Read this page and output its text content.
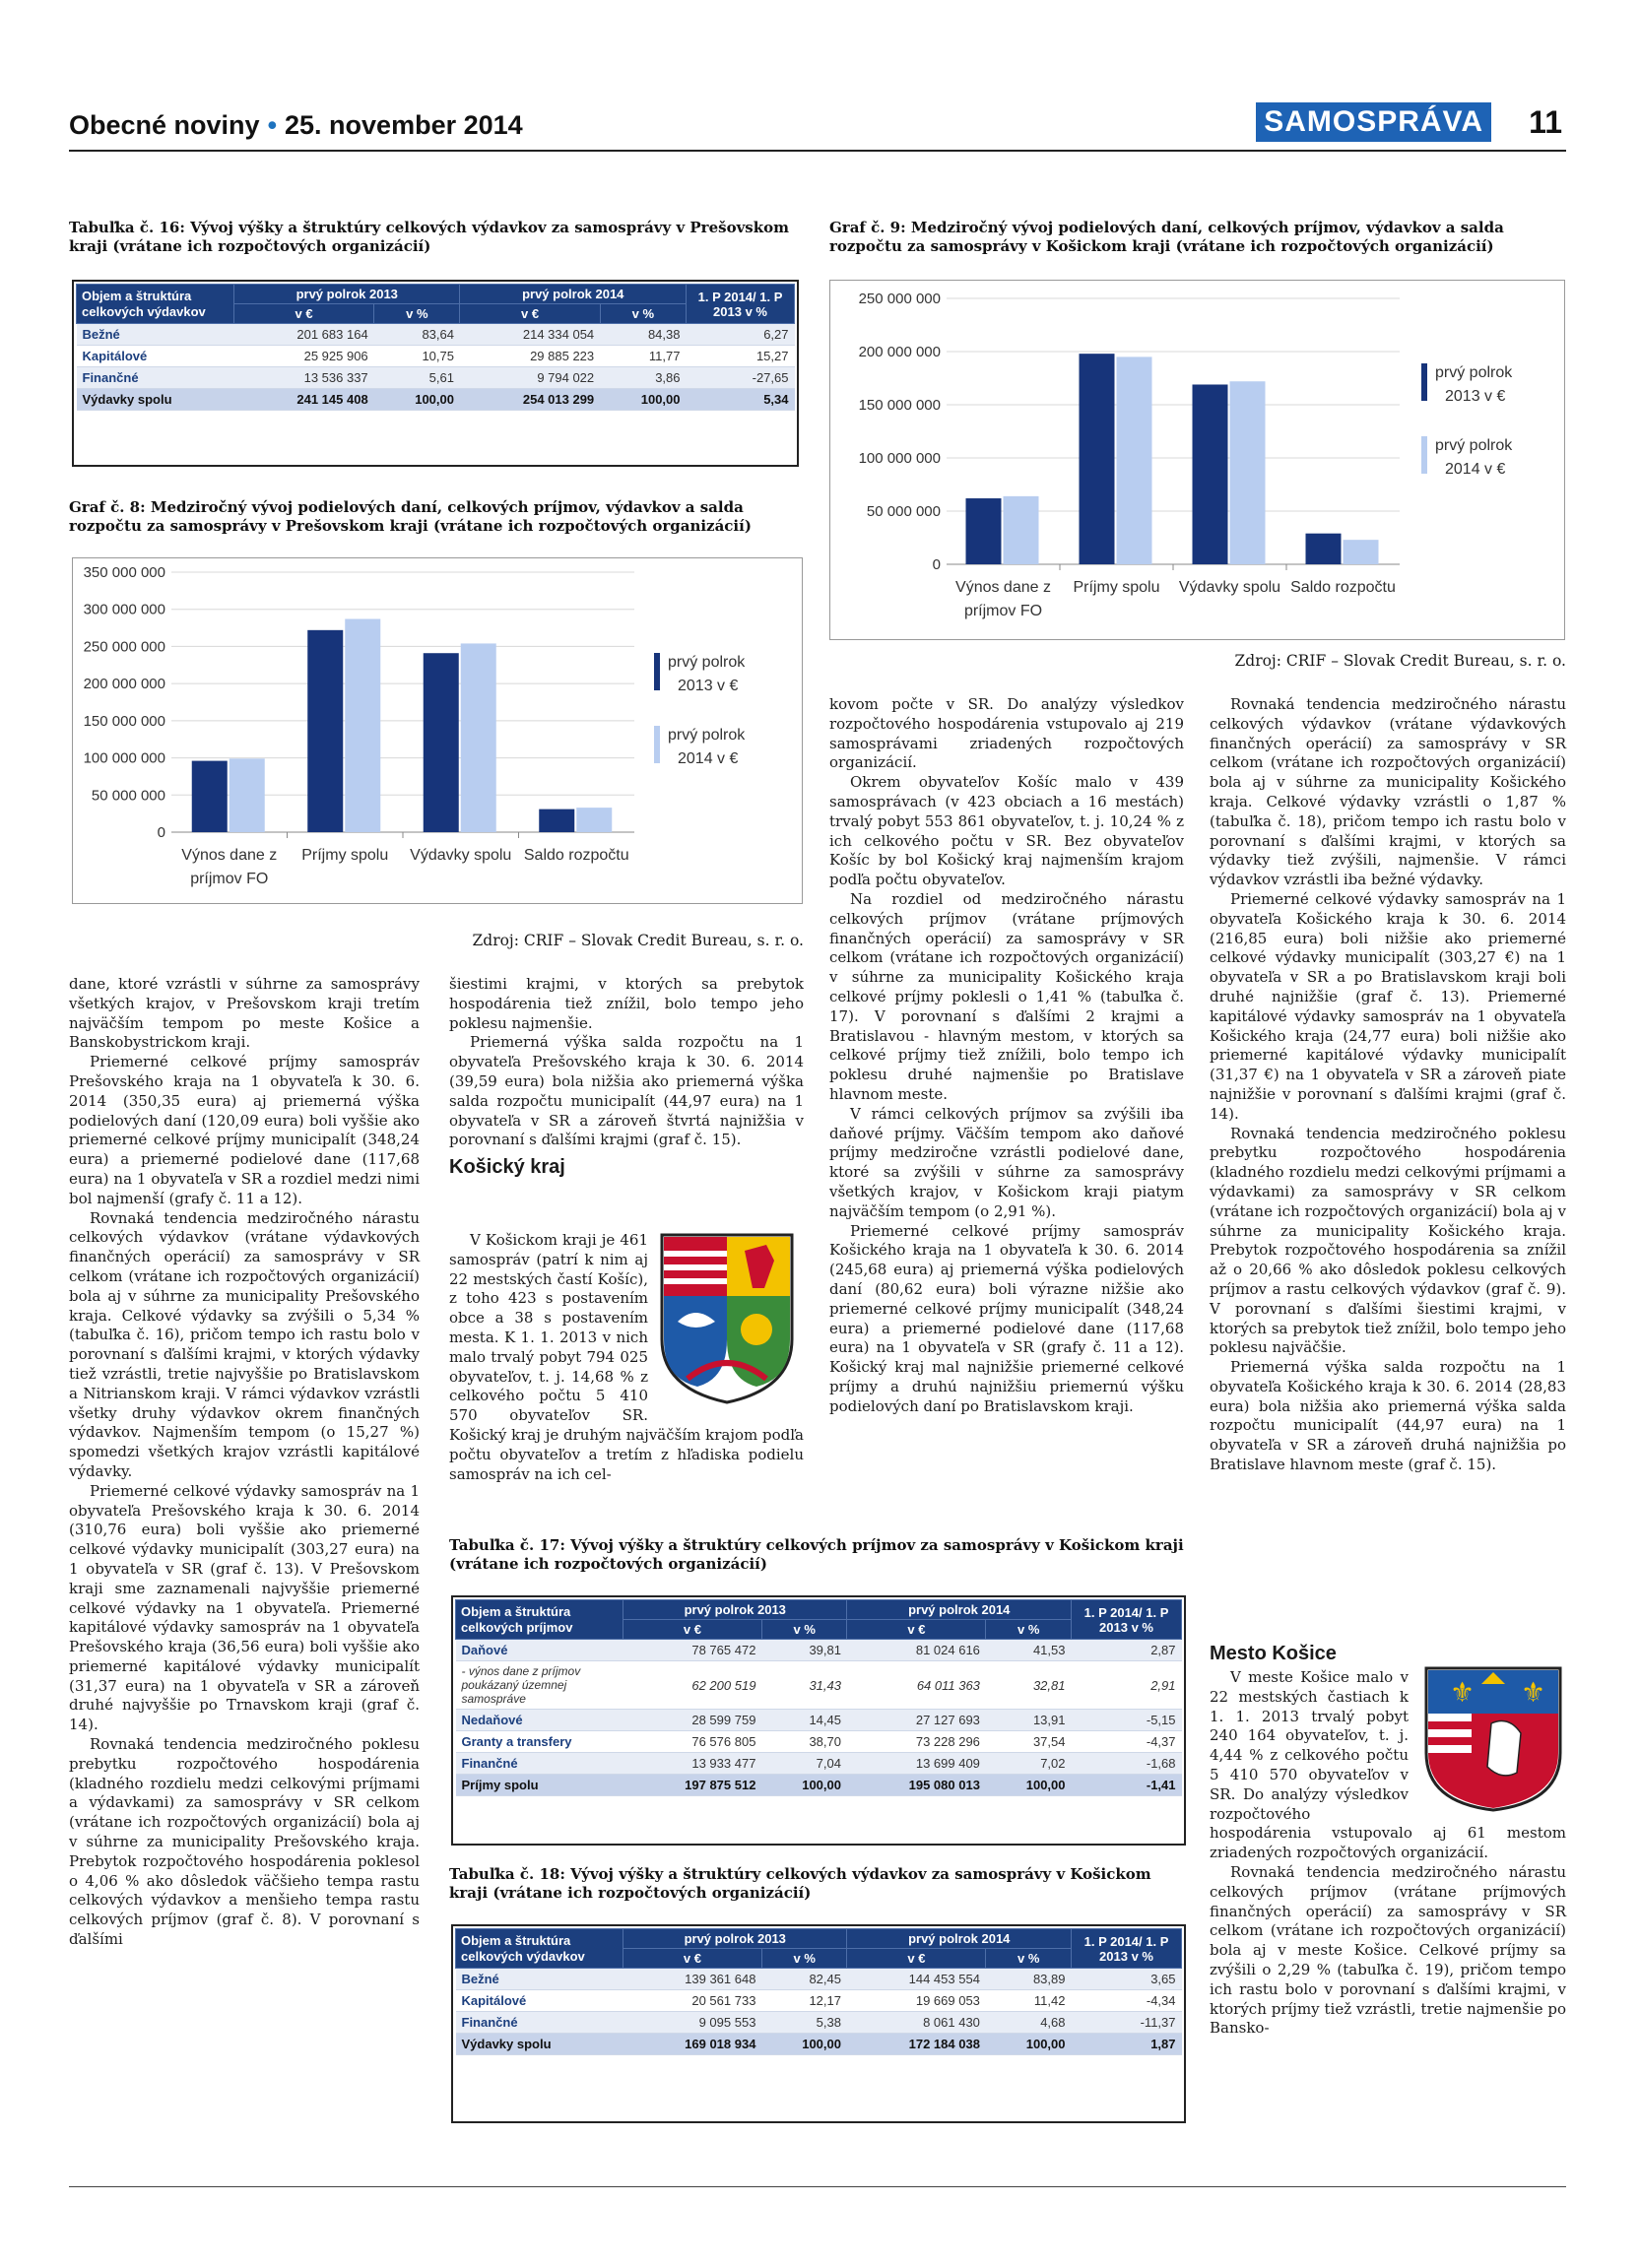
Obecné noviny • 25. november 2014	SAMOSPRÁVA 11
Tabuľka č. 16: Vývoj výšky a štruktúry celkových výdavkov za samosprávy v Prešovskom kraji (vrátane ich rozpočtových organizácií)
Objem a štruktúra celkových výdavkov	prvý polrok 2013		prvý polrok 2014		1. P 2014/ 1. P 2013 v %
	v €	v %	v €	v %	
Bežné	201 683 164	83,64	214 334 054	84,38	6,27
Kapitálové	25 925 906	10,75	29 885 223	11,77	15,27
Finančné	13 536 337	5,61	9 794 022	3,86	-27,65
Výdavky spolu	241 145 408	100,00	254 013 299	100,00	5,34
Graf č. 9: Medziročný vývoj podielových daní, celkových príjmov, výdavkov a salda rozpočtu za samosprávy v Košickom kraji (vrátane ich rozpočtových organizácií)
0
50 000 000
100 000 000
150 000 000
200 000 000
250 000 000
Výnos dane z
príjmov FO
Príjmy spolu Výdavky spolu Saldo rozpočtu
prvý polrok
2013 v €
prvý polrok
2014 v €
Zdroj: CRIF – Slovak Credit Bureau, s. r. o.
Graf č. 8: Medziročný vývoj podielových daní, celkových príjmov, výdavkov a salda rozpočtu za samosprávy v Prešovskom kraji (vrátane ich rozpočtových organizácií)
0
50 000 000
100 000 000
150 000 000
200 000 000
250 000 000
300 000 000
350 000 000
Výnos dane z
príjmov FO
Príjmy spolu Výdavky spolu Saldo rozpočtu
prvý polrok
2013 v €
prvý polrok
2014 v €
Zdroj: CRIF – Slovak Credit Bureau, s. r. o.

dane, ktoré vzrástli v súhrne za samosprávy všetkých krajov, v Prešovskom kraji tretím najväčším tempom po meste Košice a Banskobystrickom kraji.

Priemerné celkové príjmy samospráv Prešovského kraja na 1 obyvateľa k 30. 6. 2014 (350,35 eura) aj priemerná výška podielových daní (120,09 eura) boli vyššie ako priemerné celkové príjmy municipalít (348,24 eura) a priemerné podielové dane (117,68 eura) na 1 obyvateľa v SR a rozdiel medzi nimi bol najmenší (grafy č. 11 a 12).

Rovnaká tendencia medziročného nárastu celkových výdavkov (vrátane výdavkových finančných operácií) za samosprávy v SR celkom (vrátane ich rozpočtových organizácií) bola aj v súhrne za municipality Prešovského kraja. Celkové výdavky sa zvýšili o 5,34 % (tabuľka č. 16), pričom tempo ich rastu bolo v porovnaní s ďalšími krajmi, v ktorých výdavky tiež vzrástli, tretie najvyššie po Bratislavskom a Nitrianskom kraji. V rámci výdavkov vzrástli všetky druhy výdavkov okrem finančných výdavkov. Najmenším tempom (o 15,27 %) spomedzi všetkých krajov vzrástli kapitálové výdavky.

Priemerné celkové výdavky samospráv na 1 obyvateľa Prešovského kraja k 30. 6. 2014 (310,76 eura) boli vyššie ako priemerné celkové výdavky municipalít (303,27 eura) na 1 obyvateľa v SR (graf č. 13). V Prešovskom kraji sme zaznamenali najvyššie priemerné celkové výdavky na 1 obyvateľa. Priemerné kapitálové výdavky samospráv na 1 obyvateľa Prešovského kraja (36,56 eura) boli vyššie ako priemerné kapitálové výdavky municipalít (31,37 eura) na 1 obyvateľa v SR a zároveň druhé najvyššie po Trnavskom kraji (graf č. 14).

Rovnaká tendencia medziročného poklesu prebytku rozpočtového hospodárenia (kladného rozdielu medzi celkovými príjmami a výdavkami) za samosprávy v SR celkom (vrátane ich rozpočtových organizácií) bola aj v súhrne za municipality Prešovského kraja. Prebytok rozpočtového hospodárenia poklesol o 4,06 % ako dôsledok väčšieho tempa rastu celkových výdavkov a menšieho tempa rastu celkových príjmov (graf č. 8). V porovnaní s ďalšími

šiestimi krajmi, v ktorých sa prebytok hospodárenia tiež znížil, bolo tempo jeho poklesu najmenšie.

Priemerná výška salda rozpočtu na 1 obyvateľa Prešovského kraja k 30. 6. 2014 (39,59 eura) bola nižšia ako priemerná výška salda rozpočtu municipalít (44,97 eura) na 1 obyvateľa v SR a zároveň štvrtá najnižšia v porovnaní s ďalšími krajmi (graf č. 15).

Košický kraj

V Košickom kraji je 461 samospráv (patrí k nim aj 22 mestských častí Košíc), z toho 423 s postavením obce a 38 s postavením mesta. K 1. 1. 2013 v nich malo trvalý pobyt 794 025 obyvateľov, t. j. 14,68 % z celkového počtu 5 410 570 obyvateľov SR. Košický kraj je druhým najväčším krajom podľa počtu obyvateľov a tretím z hľadiska podielu samospráv na ich cel-

kovom počte v SR. Do analýzy výsledkov rozpočtového hospodárenia vstupovalo aj 219 samosprávami zriadených rozpočtových organizácií.

Okrem obyvateľov Košíc malo v 439 samosprávach (v 423 obciach a 16 mestách) trvalý pobyt 553 861 obyvateľov, t. j. 10,24 % z ich celkového počtu v SR. Bez obyvateľov Košíc by bol Košický kraj najmenším krajom podľa počtu obyvateľov.

Na rozdiel od medziročného nárastu celkových príjmov (vrátane príjmových finančných operácií) za samosprávy v SR celkom (vrátane ich rozpočtových organizácií) v súhrne za municipality Košického kraja celkové príjmy poklesli o 1,41 % (tabuľka č. 17). V porovnaní s ďalšími 2 krajmi a Bratislavou - hlavným mestom, v ktorých sa celkové príjmy tiež znížili, bolo tempo ich poklesu druhé najmenšie po Bratislave hlavnom meste.

V rámci celkových príjmov sa zvýšili iba daňové príjmy. Väčším tempom ako daňové príjmy medziročne vzrástli podielové dane, ktoré sa zvýšili v súhrne za samosprávy všetkých krajov, v Košickom kraji piatym najväčším tempom (o 2,91 %).

Priemerné celkové príjmy samospráv Košického kraja na 1 obyvateľa k 30. 6. 2014 (245,68 eura) aj priemerná výška podielových daní (80,62 eura) boli výrazne nižšie ako priemerné celkové príjmy municipalít (348,24 eura) a priemerné podielové dane (117,68 eura) na 1 obyvateľa v SR (grafy č. 11 a 12). Košický kraj mal najnižšie priemerné celkové príjmy a druhú najnižšiu priemernú výšku podielových daní po Bratislavskom kraji.

Rovnaká tendencia medziročného nárastu celkových výdavkov (vrátane výdavkových finančných operácií) za samosprávy v SR celkom (vrátane ich rozpočtových organizácií) bola aj v súhrne za municipality Košického kraja. Celkové výdavky vzrástli o 1,87 % (tabuľka č. 18), pričom tempo ich rastu bolo v porovnaní s ďalšími krajmi, v ktorých sa výdavky tiež zvýšili, najmenšie. V rámci výdavkov vzrástli iba bežné výdavky.

Priemerné celkové výdavky samospráv na 1 obyvateľa Košického kraja k 30. 6. 2014 (216,85 eura) boli nižšie ako priemerné celkové výdavky municipalít (303,27 €) na 1 obyvateľa v SR a po Bratislavskom kraji boli druhé najnižšie (graf č. 13). Priemerné kapitálové výdavky samospráv na 1 obyvateľa Košického kraja (24,77 eura) boli nižšie ako priemerné kapitálové výdavky municipalít (31,37 €) na 1 obyvateľa v SR a zároveň piate najnižšie v porovnaní s ďalšími krajmi (graf č. 14).

Rovnaká tendencia medziročného poklesu prebytku rozpočtového hospodárenia (kladného rozdielu medzi celkovými príjmami a výdavkami) za samosprávy v SR celkom (vrátane ich rozpočtových organizácií) bola aj v súhrne za municipality Košického kraja. Prebytok rozpočtového hospodárenia sa znížil až o 20,66 % ako dôsledok poklesu celkových príjmov a rastu celkových výdavkov (graf č. 9). V porovnaní s ďalšími šiestimi krajmi, v ktorých sa prebytok tiež znížil, bolo tempo jeho poklesu najväčšie.

Priemerná výška salda rozpočtu na 1 obyvateľa Košického kraja k 30. 6. 2014 (28,83 eura) bola nižšia ako priemerná výška salda rozpočtu municipalít (44,97 eura) na 1 obyvateľa v SR a zároveň druhá najnižšia po Bratislave hlavnom meste (graf č. 15).

Mesto Košice

V meste Košice malo v 22 mestských častiach k 1. 1. 2013 trvalý pobyt 240 164 obyvateľov, t. j. 4,44 % z celkového počtu 5 410 570 obyvateľov v SR. Do analýzy výsledkov rozpočtového hospodárenia vstupovalo aj 61 mestom zriadených rozpočtových organizácií.

Rovnaká tendencia medziročného nárastu celkových príjmov (vrátane príjmových finančných operácií) za samosprávy v SR celkom (vrátane ich rozpočtových organizácií) bola aj v meste Košice. Celkové príjmy sa zvýšili o 2,29 % (tabuľka č. 19), pričom tempo ich rastu bolo v porovnaní s ďalšími krajmi, v ktorých príjmy tiež vzrástli, tretie najmenšie po Bansko-

⚜ ⚜
Tabuľka č. 17: Vývoj výšky a štruktúry celkových príjmov za samosprávy v Košickom kraji (vrátane ich rozpočtových organizácií)
Objem a štruktúra celkových príjmov	prvý polrok 2013		prvý polrok 2014		1. P 2014/ 1. P 2013 v %
	v €	v %	v €	v %	
Daňové	78 765 472	39,81	81 024 616	41,53	2,87
- výnos dane z príjmov poukázaný územnej samospráve	62 200 519	31,43	64 011 363	32,81	2,91
Nedaňové	28 599 759	14,45	27 127 693	13,91	-5,15
Granty a transfery	76 576 805	38,70	73 228 296	37,54	-4,37
Finančné	13 933 477	7,04	13 699 409	7,02	-1,68
Príjmy spolu	197 875 512	100,00	195 080 013	100,00	-1,41
Tabuľka č. 18: Vývoj výšky a štruktúry celkových výdavkov za samosprávy v Košickom kraji (vrátane ich rozpočtových organizácií)
Objem a štruktúra celkových výdavkov	prvý polrok 2013		prvý polrok 2014		1. P 2014/ 1. P 2013 v %
	v €	v %	v €	v %	
Bežné	139 361 648	82,45	144 453 554	83,89	3,65
Kapitálové	20 561 733	12,17	19 669 053	11,42	-4,34
Finančné	9 095 553	5,38	8 061 430	4,68	-11,37
Výdavky spolu	169 018 934	100,00	172 184 038	100,00	1,87
